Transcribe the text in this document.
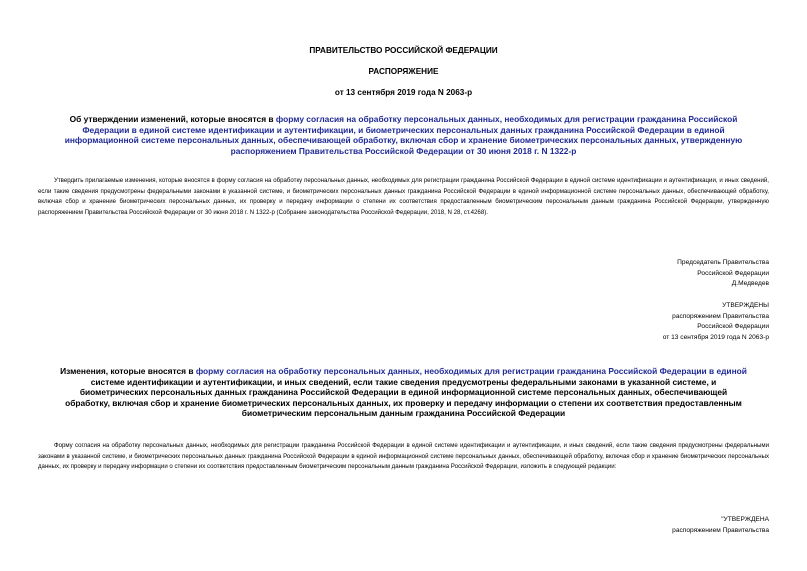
ПРАВИТЕЛЬСТВО РОССИЙСКОЙ ФЕДЕРАЦИИ
РАСПОРЯЖЕНИЕ
от 13 сентября 2019 года N 2063-р
Об утверждении изменений, которые вносятся в форму согласия на обработку персональных данных, необходимых для регистрации гражданина Российской
Федерации в единой системе идентификации и аутентификации, и биометрических персональных данных гражданина Российской Федерации в единой
информационной системе персональных данных, обеспечивающей обработку, включая сбор и хранение биометрических персональных данных, утвержденную
распоряжением Правительства Российской Федерации от 30 июня 2018 г. N 1322-р
Утвердить прилагаемые изменения, которые вносятся в форму согласия на обработку персональных данных, необходимых для регистрации гражданина Российской Федерации в единой системе идентификации и аутентификации, и иных сведений, если такие сведения предусмотрены федеральными законами в указанной системе, и биометрических персональных данных гражданина Российской Федерации в единой информационной системе персональных данных, обеспечивающей обработку, включая сбор и хранение биометрических персональных данных, их проверку и передачу информации о степени их соответствия предоставленным биометрическим персональным данным гражданина Российской Федерации, утвержденную распоряжением Правительства Российской Федерации от 30 июня 2018 г. N 1322-р (Собрание законодательства Российской Федерации, 2018, N 28, ст.4268).
Председатель Правительства
Российской Федерации
Д.Медведев
УТВЕРЖДЕНЫ
распоряжением Правительства
Российской Федерации
от 13 сентября 2019 года N 2063-р
Изменения, которые вносятся в форму согласия на обработку персональных данных, необходимых для регистрации гражданина Российской Федерации в единой
системе идентификации и аутентификации, и иных сведений, если такие сведения предусмотрены федеральными законами в указанной системе, и
биометрических персональных данных гражданина Российской Федерации в единой информационной системе персональных данных, обеспечивающей
обработку, включая сбор и хранение биометрических персональных данных, их проверку и передачу информации о степени их соответствия предоставленным
биометрическим персональным данным гражданина Российской Федерации
Форму согласия на обработку персональных данных, необходимых для регистрации гражданина Российской Федерации в единой системе идентификации и аутентификации, и иных сведений, если такие сведения предусмотрены федеральными законами в указанной системе, и биометрических персональных данных гражданина Российской Федерации в единой информационной системе персональных данных, обеспечивающей обработку, включая сбор и хранение биометрических персональных данных, их проверку и передачу информации о степени их соответствия предоставленным биометрическим персональным данным гражданина Российской Федерации, изложить в следующей редакции:
"УТВЕРЖДЕНА
распоряжением Правительства
